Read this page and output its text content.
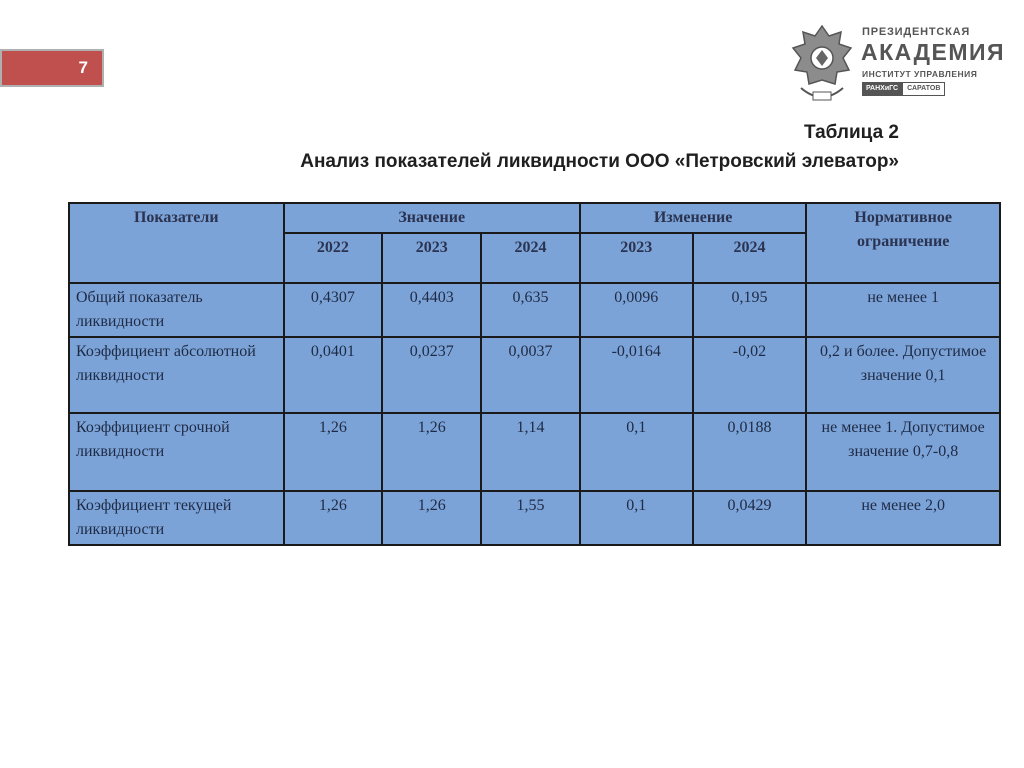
7
ПРЕЗИДЕНТСКАЯ
АКАДЕМИЯ
ИНСТИТУТ УПРАВЛЕНИЯ
РАНХиГС	САРАТОВ
Таблица 2
Анализ показателей ликвидности ООО «Петровский элеватор»
Показатели	Значение			Изменение		Нормативное ограничение
	2022	2023	2024	2023	2024	
Общий показатель ликвидности	0,4307	0,4403	0,635	0,0096	0,195	не менее 1
Коэффициент абсолютной ликвидности	0,0401	0,0237	0,0037	-0,0164	-0,02	0,2 и более. Допустимое значение 0,1
Коэффициент срочной ликвидности	1,26	1,26	1,14	0,1	0,0188	не менее 1. Допустимое значение 0,7-0,8
Коэффициент текущей ликвидности	1,26	1,26	1,55	0,1	0,0429	не менее 2,0
